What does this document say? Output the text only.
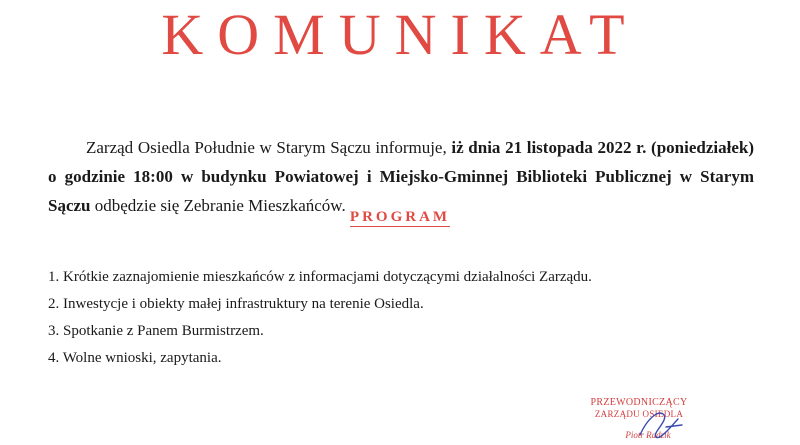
KOMUNIKAT

Zarząd Osiedla Południe w Starym Sączu informuje, iż dnia 21 listopada 2022 r. (poniedziałek) o godzinie 18:00 w budynku Powiatowej i Miejsko-Gminnej Biblioteki Publicznej w Starym Sączu odbędzie się Zebranie Mieszkańców.

PROGRAM
1. Krótkie zaznajomienie mieszkańców z informacjami dotyczącymi działalności Zarządu.
2. Inwestycje i obiekty małej infrastruktury na terenie Osiedla.
3. Spotkanie z Panem Burmistrzem.
4. Wolne wnioski, zapytania.
PRZEWODNICZĄCY
ZARZĄDU OSIEDLA
Piotr Radzik
